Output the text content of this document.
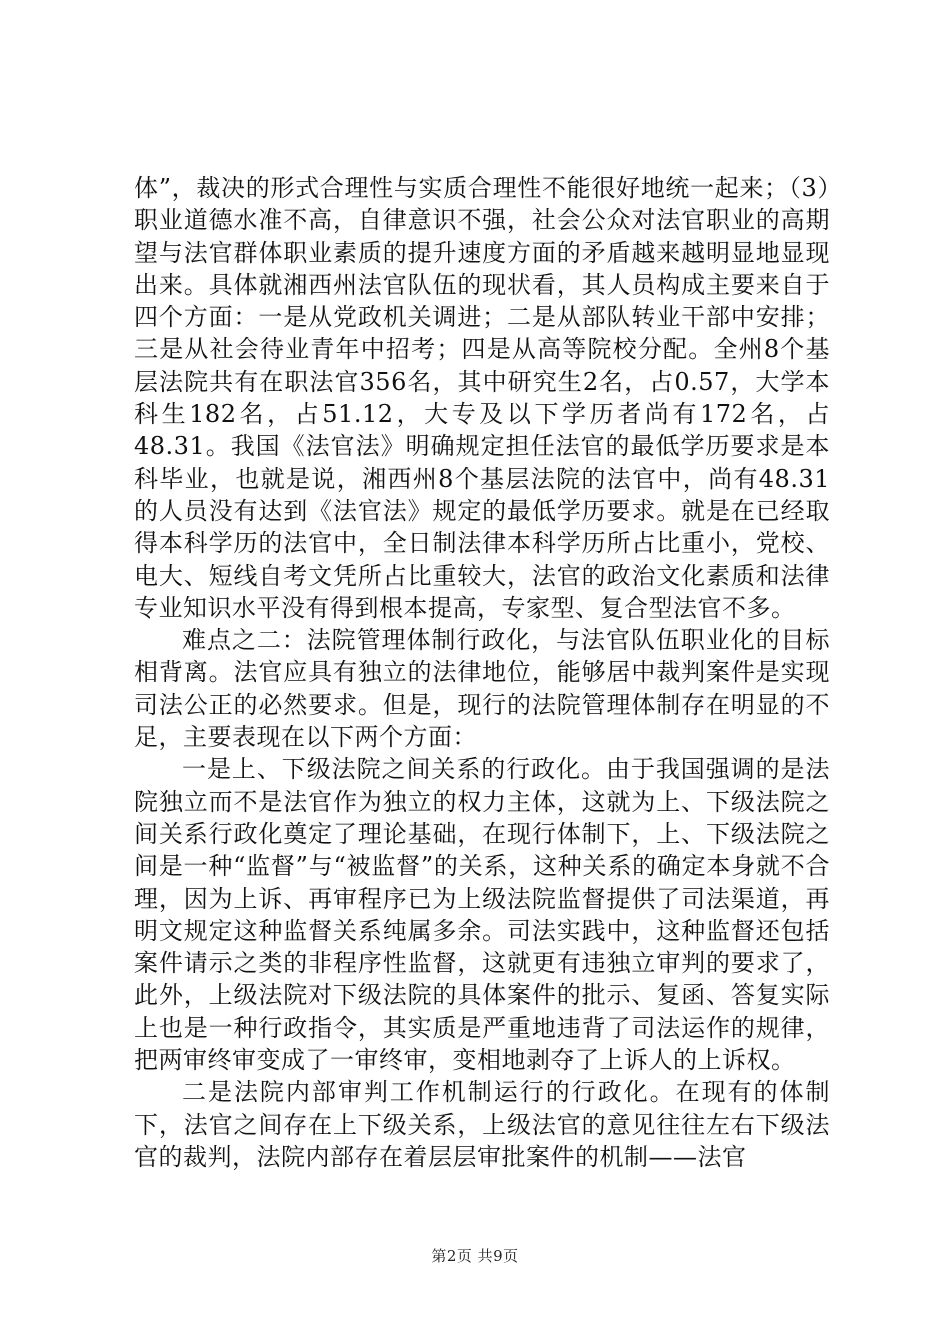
体”，裁决的形式合理性与实质合理性不能很好地统一起来；（3）职业道德水准不高，自律意识不强，社会公众对法官职业的高期望与法官群体职业素质的提升速度方面的矛盾越来越明显地显现出来。具体就湘西州法官队伍的现状看，其人员构成主要来自于四个方面：一是从党政机关调进；二是从部队转业干部中安排；三是从社会待业青年中招考；四是从高等院校分配。全州8个基层法院共有在职法官356名，其中研究生2名，占0.57，大学本科生182名，占51.12，大专及以下学历者尚有172名，占48.31。我国《法官法》明确规定担任法官的最低学历要求是本科毕业，也就是说，湘西州8个基层法院的法官中，尚有48.31的人员没有达到《法官法》规定的最低学历要求。就是在已经取得本科学历的法官中，全日制法律本科学历所占比重小，党校、电大、短线自考文凭所占比重较大，法官的政治文化素质和法律专业知识水平没有得到根本提高，专家型、复合型法官不多。

难点之二：法院管理体制行政化，与法官队伍职业化的目标相背离。法官应具有独立的法律地位，能够居中裁判案件是实现司法公正的必然要求。但是，现行的法院管理体制存在明显的不足，主要表现在以下两个方面：

一是上、下级法院之间关系的行政化。由于我国强调的是法院独立而不是法官作为独立的权力主体，这就为上、下级法院之间关系行政化奠定了理论基础，在现行体制下，上、下级法院之间是一种“监督”与“被监督”的关系，这种关系的确定本身就不合理，因为上诉、再审程序已为上级法院监督提供了司法渠道，再明文规定这种监督关系纯属多余。司法实践中，这种监督还包括案件请示之类的非程序性监督，这就更有违独立审判的要求了，此外，上级法院对下级法院的具体案件的批示、复函、答复实际上也是一种行政指令，其实质是严重地违背了司法运作的规律，把两审终审变成了一审终审，变相地剥夺了上诉人的上诉权。

二是法院内部审判工作机制运行的行政化。在现有的体制下，法官之间存在上下级关系，上级法官的意见往往左右下级法官的裁判，法院内部存在着层层审批案件的机制——法官

第2页 共9页
